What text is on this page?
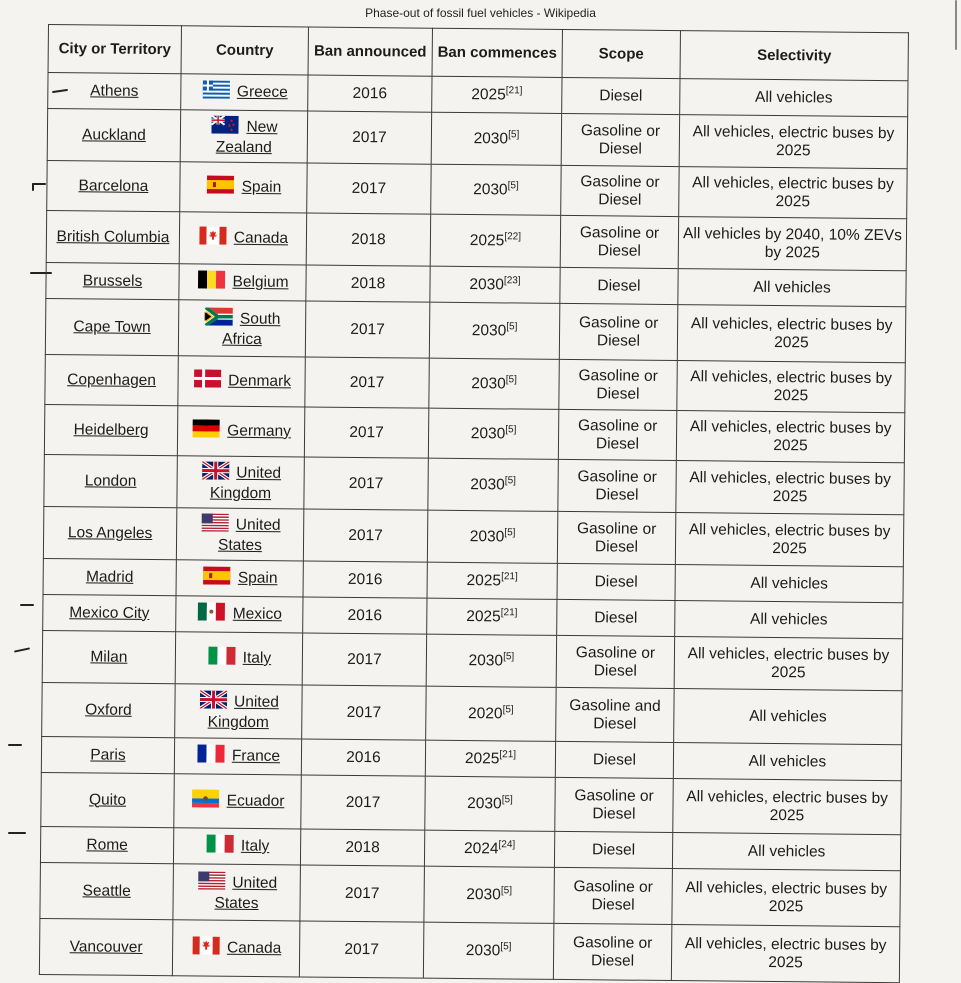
Phase-out of fossil fuel vehicles - Wikipedia
City or Territory	Country	Ban announced	Ban commences	Scope	Selectivity
Athens	Greece	2016	2025[21]	Diesel	All vehicles
Auckland	New Zealand	2017	2030[5]	Gasoline or Diesel	All vehicles, electric buses by 2025
Barcelona	Spain	2017	2030[5]	Gasoline or Diesel	All vehicles, electric buses by 2025
British Columbia	Canada	2018	2025[22]	Gasoline or Diesel	All vehicles by 2040, 10% ZEVs by 2025
Brussels	Belgium	2018	2030[23]	Diesel	All vehicles
Cape Town	South Africa	2017	2030[5]	Gasoline or Diesel	All vehicles, electric buses by 2025
Copenhagen	Denmark	2017	2030[5]	Gasoline or Diesel	All vehicles, electric buses by 2025
Heidelberg	Germany	2017	2030[5]	Gasoline or Diesel	All vehicles, electric buses by 2025
London	United Kingdom	2017	2030[5]	Gasoline or Diesel	All vehicles, electric buses by 2025
Los Angeles	United States	2017	2030[5]	Gasoline or Diesel	All vehicles, electric buses by 2025
Madrid	Spain	2016	2025[21]	Diesel	All vehicles
Mexico City	Mexico	2016	2025[21]	Diesel	All vehicles
Milan	Italy	2017	2030[5]	Gasoline or Diesel	All vehicles, electric buses by 2025
Oxford	United Kingdom	2017	2020[5]	Gasoline and Diesel	All vehicles
Paris	France	2016	2025[21]	Diesel	All vehicles
Quito	Ecuador	2017	2030[5]	Gasoline or Diesel	All vehicles, electric buses by 2025
Rome	Italy	2018	2024[24]	Diesel	All vehicles
Seattle	United States	2017	2030[5]	Gasoline or Diesel	All vehicles, electric buses by 2025
Vancouver	Canada	2017	2030[5]	Gasoline or Diesel	All vehicles, electric buses by 2025
